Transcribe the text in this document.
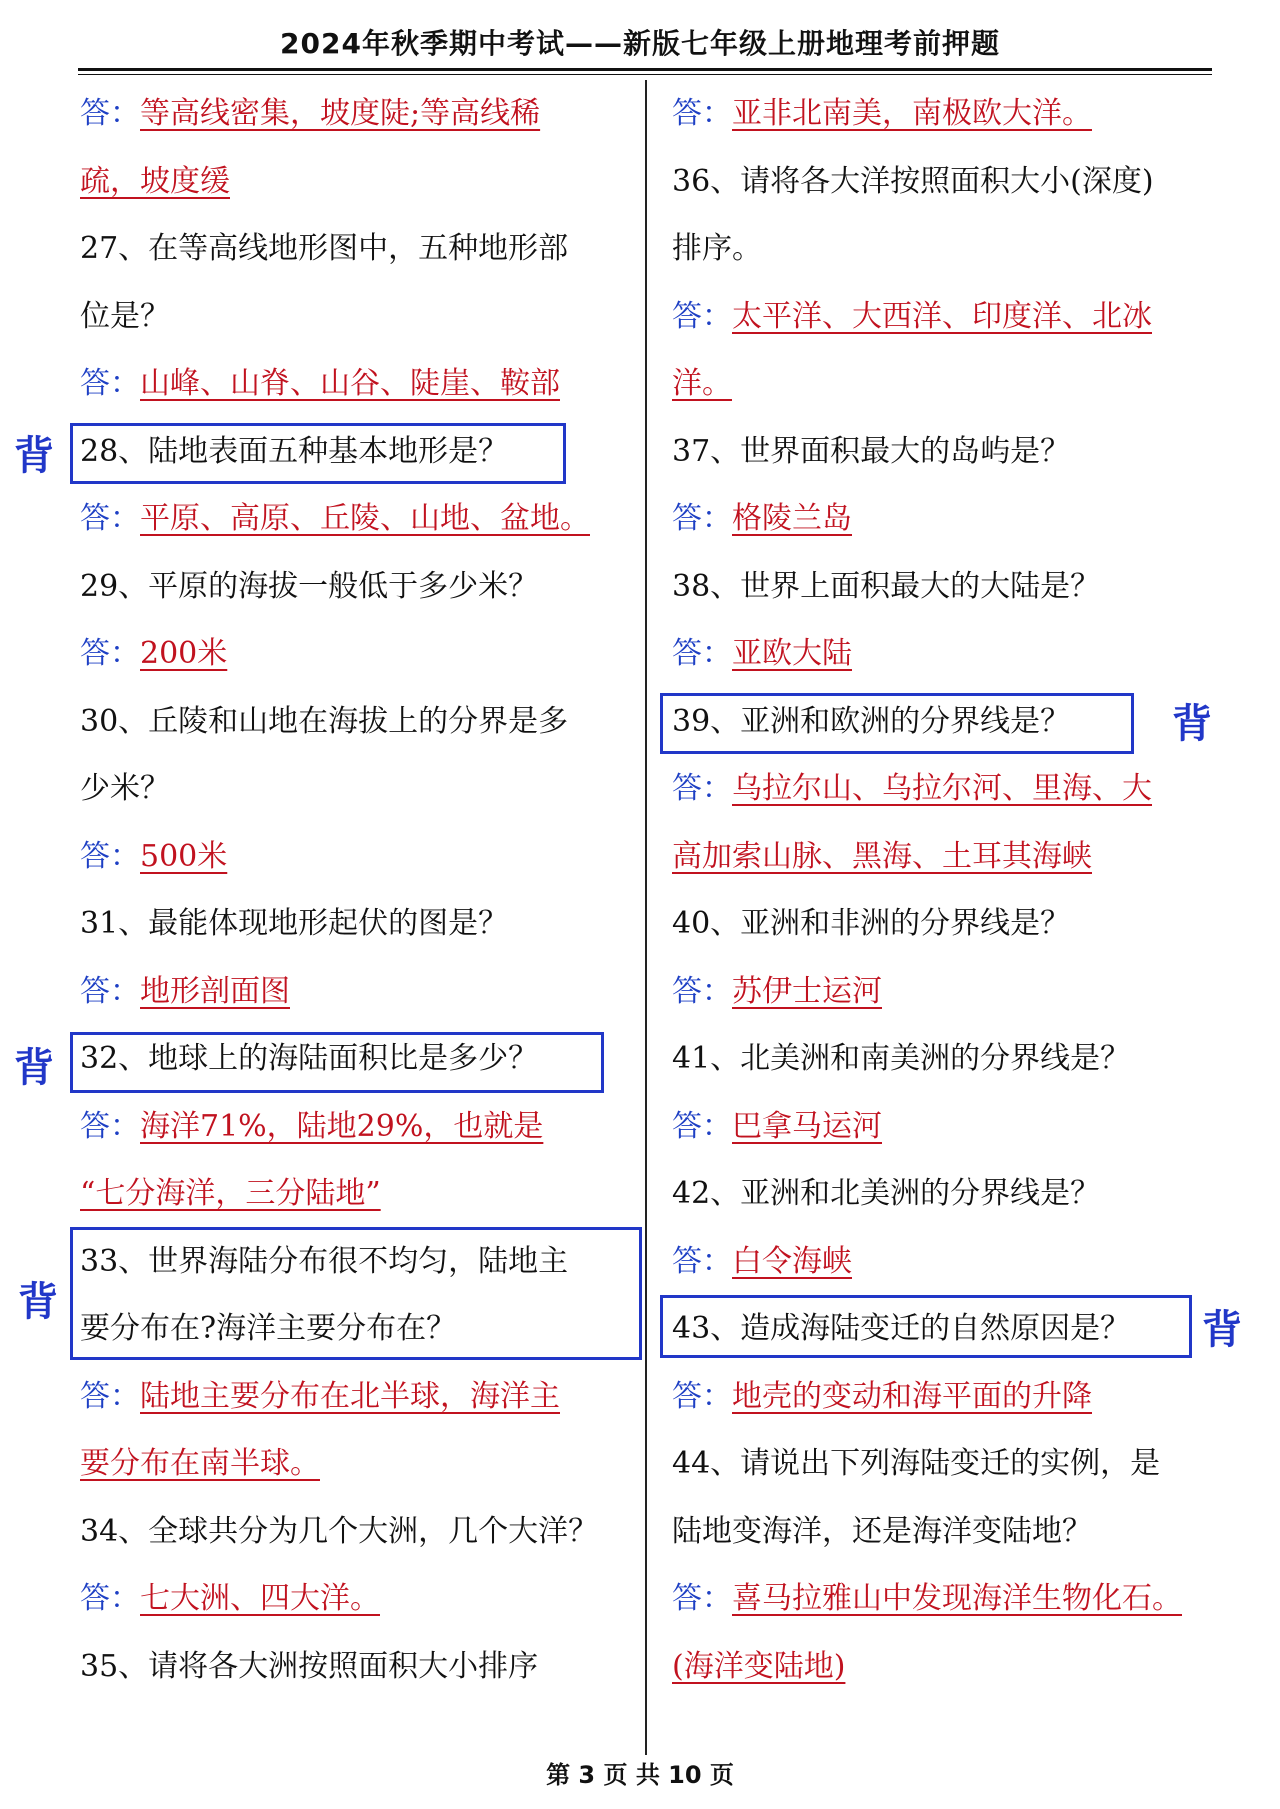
2024年秋季期中考试——新版七年级上册地理考前押题
答：等高线密集，坡度陡;等高线稀
疏，坡度缓
27、在等高线地形图中，五种地形部
位是？
答：山峰、山脊、山谷、陡崖、鞍部
28、陆地表面五种基本地形是？
答：平原、高原、丘陵、山地、盆地。
29、平原的海拔一般低于多少米？
答：200米
30、丘陵和山地在海拔上的分界是多
少米？
答：500米
31、最能体现地形起伏的图是？
答：地形剖面图
32、地球上的海陆面积比是多少？
答：海洋71%，陆地29%，也就是
“七分海洋，三分陆地”
33、世界海陆分布很不均匀，陆地主
要分布在?海洋主要分布在？
答：陆地主要分布在北半球，海洋主
要分布在南半球。
34、全球共分为几个大洲，几个大洋？
答：七大洲、四大洋。
35、请将各大洲按照面积大小排序
答：亚非北南美，南极欧大洋。
36、请将各大洋按照面积大小(深度)
排序。
答：太平洋、大西洋、印度洋、北冰
洋。
37、世界面积最大的岛屿是？
答：格陵兰岛
38、世界上面积最大的大陆是？
答：亚欧大陆
39、亚洲和欧洲的分界线是？
答：乌拉尔山、乌拉尔河、里海、大
高加索山脉、黑海、土耳其海峡
40、亚洲和非洲的分界线是？
答：苏伊士运河
41、北美洲和南美洲的分界线是？
答：巴拿马运河
42、亚洲和北美洲的分界线是？
答：白令海峡
43、造成海陆变迁的自然原因是？
答：地壳的变动和海平面的升降
44、请说出下列海陆变迁的实例，是
陆地变海洋，还是海洋变陆地？
答：喜马拉雅山中发现海洋生物化石。
(海洋变陆地)
背
背
背
背
背
第 3 页 共 10 页
